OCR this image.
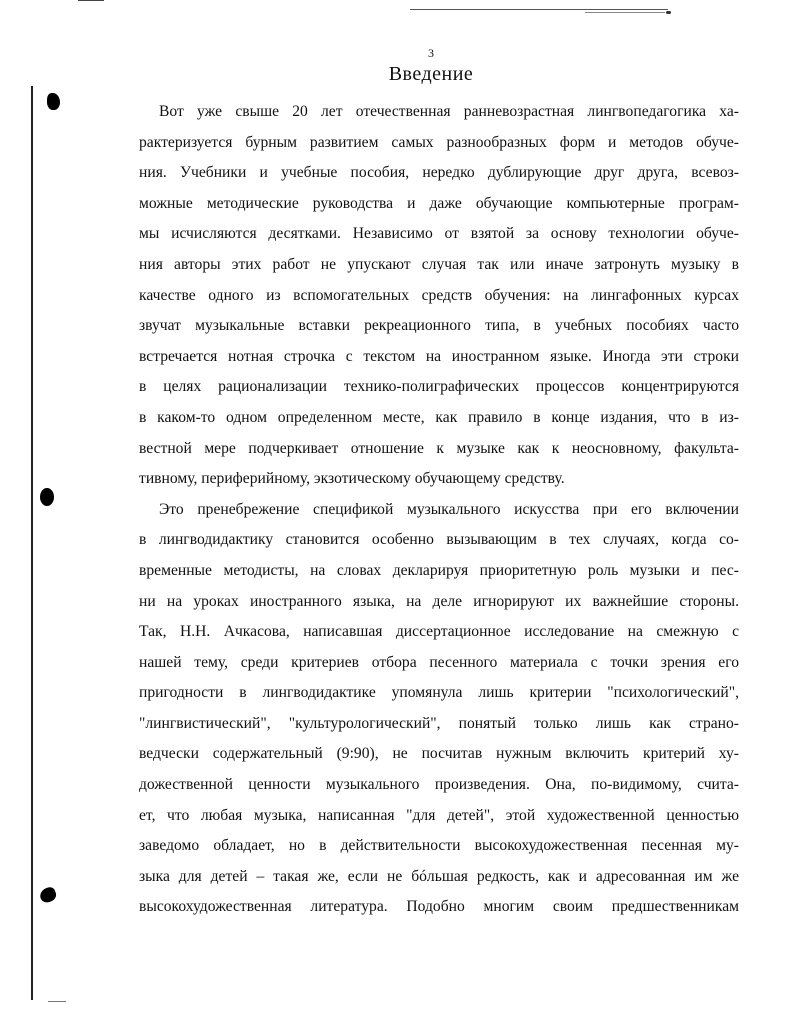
3
Введение
Вот уже свыше 20 лет отечественная ранневозрастная лингвопедагогика ха-
рактеризуется бурным развитием самых разнообразных форм и методов обуче-
ния. Учебники и учебные пособия, нередко дублирующие друг друга, всевоз-
можные методические руководства и даже обучающие компьютерные програм-
мы исчисляются десятками. Независимо от взятой за основу технологии обуче-
ния авторы этих работ не упускают случая так или иначе затронуть музыку в
качестве одного из вспомогательных средств обучения: на лингафонных курсах
звучат музыкальные вставки рекреационного типа, в учебных пособиях часто
встречается нотная строчка с текстом на иностранном языке. Иногда эти строки
в целях рационализации технико-полиграфических процессов концентрируются
в каком-то одном определенном месте, как правило в конце издания, что в из-
вестной мере подчеркивает отношение к музыке как к неосновному, факульта-
тивному, периферийному, экзотическому обучающему средству.
Это пренебрежение спецификой музыкального искусства при его включении
в лингводидактику становится особенно вызывающим в тех случаях, когда со-
временные методисты, на словах декларируя приоритетную роль музыки и пес-
ни на уроках иностранного языка, на деле игнорируют их важнейшие стороны.
Так, Н.Н. Ачкасова, написавшая диссертационное исследование на смежную с
нашей тему, среди критериев отбора песенного материала с точки зрения его
пригодности в лингводидактике упомянула лишь критерии "психологический",
"лингвистический", "культурологический", понятый только лишь как страно-
ведчески содержательный (9:90), не посчитав нужным включить критерий ху-
дожественной ценности музыкального произведения. Она, по-видимому, счита-
ет, что любая музыка, написанная "для детей", этой художественной ценностью
заведомо обладает, но в действительности высокохудожественная песенная му-
зыка для детей – такая же, если не бóльшая редкость, как и адресованная им же
высокохудожественная литература. Подобно многим своим предшественникам
